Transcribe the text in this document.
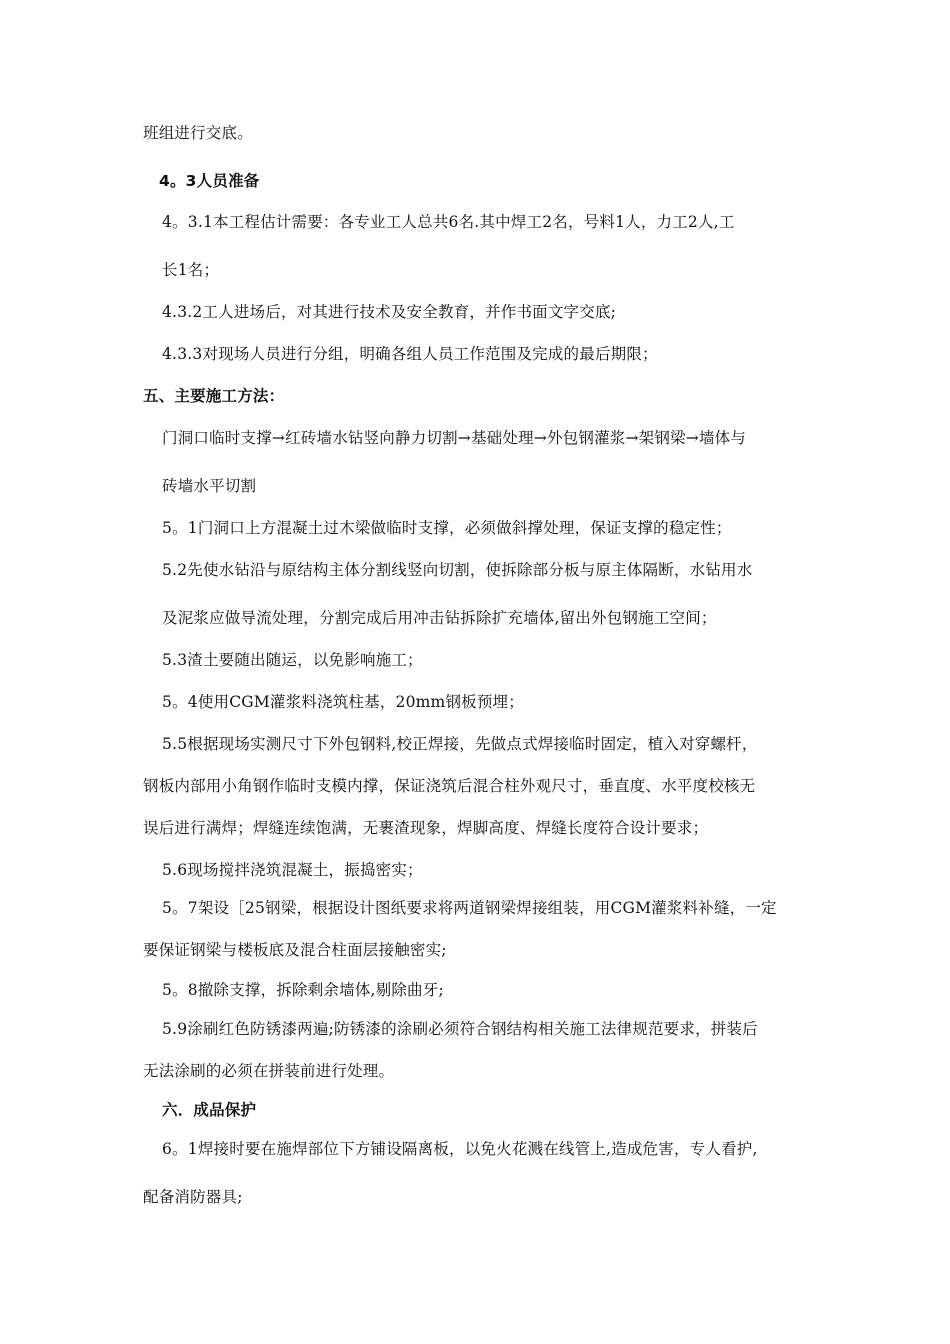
班组进行交底。
4。3人员准备
4。3.1本工程估计需要：各专业工人总共6名.其中焊工2名，号料1人，力工2人,工
长1名；
4.3.2工人进场后，对其进行技术及安全教育，并作书面文字交底;
4.3.3对现场人员进行分组，明确各组人员工作范围及完成的最后期限；
五、主要施工方法：
门洞口临时支撑→红砖墙水钻竖向静力切割→基础处理→外包钢灌浆→架钢梁→墙体与
砖墙水平切割
5。1门洞口上方混凝土过木梁做临时支撑，必须做斜撑处理，保证支撑的稳定性；
5.2先使水钻沿与原结构主体分割线竖向切割，使拆除部分板与原主体隔断，水钻用水
及泥浆应做导流处理，分割完成后用冲击钻拆除扩充墙体,留出外包钢施工空间；
5.3渣土要随出随运，以免影响施工；
5。4使用CGM灌浆料浇筑柱基，20mm钢板预埋；
5.5根据现场实测尺寸下外包钢料,校正焊接，先做点式焊接临时固定，植入对穿螺杆，
钢板内部用小角钢作临时支模内撑，保证浇筑后混合柱外观尺寸，垂直度、水平度校核无
误后进行满焊；焊缝连续饱满，无裹渣现象，焊脚高度、焊缝长度符合设计要求；
5.6现场搅拌浇筑混凝土，振捣密实；
5。7架设［25钢梁，根据设计图纸要求将两道钢梁焊接组装，用CGM灌浆料补缝，一定
要保证钢梁与楼板底及混合柱面层接触密实;
5。8撤除支撑，拆除剩余墙体,剔除曲牙;
5.9涂刷红色防锈漆两遍;防锈漆的涂刷必须符合钢结构相关施工法律规范要求，拼装后
无法涂刷的必须在拼装前进行处理。
六．成品保护
6。1焊接时要在施焊部位下方铺设隔离板，以免火花溅在线管上,造成危害，专人看护,
配备消防器具;
